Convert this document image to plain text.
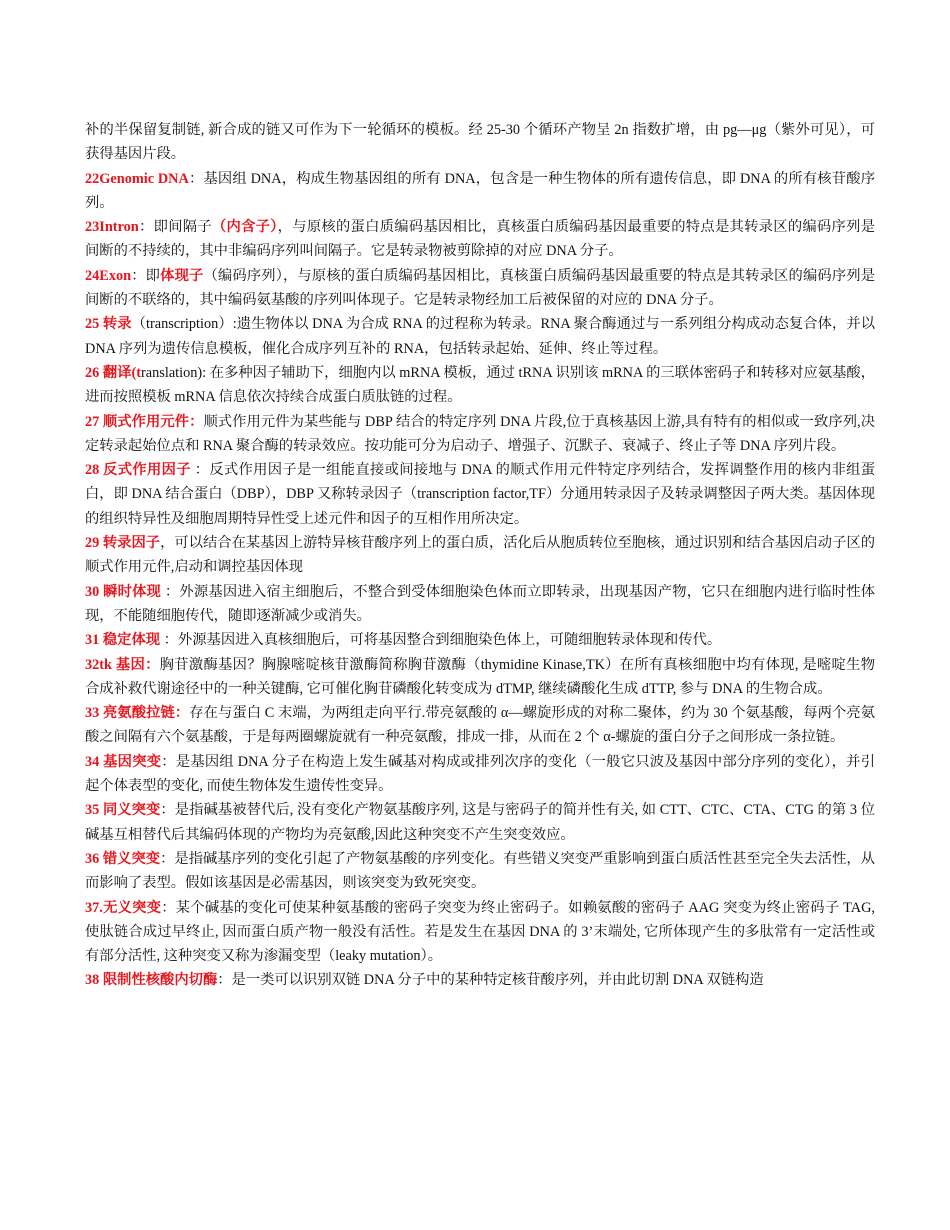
补的半保留复制链, 新合成的链又可作为下一轮循环的模板。经 25-30 个循环产物呈 2n 指数扩增，由 pg—μg（紫外可见），可获得基因片段。

22Genomic DNA：基因组 DNA，构成生物基因组的所有 DNA，包含是一种生物体的所有遗传信息，即 DNA 的所有核苷酸序列。

23Intron：即间隔子（内含子），与原核的蛋白质编码基因相比，真核蛋白质编码基因最重要的特点是其转录区的编码序列是间断的不持续的，其中非编码序列叫间隔子。它是转录物被剪除掉的对应 DNA 分子。

24Exon：即体现子（编码序列），与原核的蛋白质编码基因相比，真核蛋白质编码基因最重要的特点是其转录区的编码序列是间断的不联络的，其中编码氨基酸的序列叫体现子。它是转录物经加工后被保留的对应的 DNA 分子。

25 转录（transcription）:遗生物体以 DNA 为合成 RNA 的过程称为转录。RNA 聚合酶通过与一系列组分构成动态复合体，并以 DNA 序列为遗传信息模板，催化合成序列互补的 RNA，包括转录起始、延伸、终止等过程。

26 翻译(translation): 在多种因子辅助下，细胞内以 mRNA 模板，通过 tRNA 识别该 mRNA 的三联体密码子和转移对应氨基酸，进而按照模板 mRNA 信息依次持续合成蛋白质肽链的过程。

27 顺式作用元件：顺式作用元件为某些能与 DBP 结合的特定序列 DNA 片段,位于真核基因上游,具有特有的相似或一致序列,决定转录起始位点和 RNA 聚合酶的转录效应。按功能可分为启动子、增强子、沉默子、衰减子、终止子等 DNA 序列片段。

28 反式作用因子 ：反式作用因子是一组能直接或间接地与 DNA 的顺式作用元件特定序列结合，发挥调整作用的核内非组蛋白，即 DNA 结合蛋白（DBP），DBP 又称转录因子（transcription factor,TF）分通用转录因子及转录调整因子两大类。基因体现的组织特异性及细胞周期特异性受上述元件和因子的互相作用所决定。

29 转录因子，可以结合在某基因上游特异核苷酸序列上的蛋白质，活化后从胞质转位至胞核，通过识别和结合基因启动子区的顺式作用元件,启动和调控基因体现

30 瞬时体现 ：外源基因进入宿主细胞后，不整合到受体细胞染色体而立即转录，出现基因产物，它只在细胞内进行临时性体现，不能随细胞传代，随即逐渐减少或消失。

31 稳定体现 ：外源基因进入真核细胞后，可将基因整合到细胞染色体上，可随细胞转录体现和传代。

32tk 基因：胸苷激酶基因？胸腺嘧啶核苷激酶简称胸苷激酶（thymidine Kinase,TK）在所有真核细胞中均有体现, 是嘧啶生物合成补救代谢途径中的一种关键酶, 它可催化胸苷磷酸化转变成为 dTMP, 继续磷酸化生成 dTTP, 参与 DNA 的生物合成。

33 亮氨酸拉链：存在与蛋白 C 末端，为两组走向平行.带亮氨酸的 α—螺旋形成的对称二聚体，约为 30 个氨基酸，每两个亮氨酸之间隔有六个氨基酸，于是每两圈螺旋就有一种亮氨酸，排成一排，从而在 2 个 α-螺旋的蛋白分子之间形成一条拉链。

34 基因突变：是基因组 DNA 分子在构造上发生碱基对构成或排列次序的变化（一般它只波及基因中部分序列的变化），并引起个体表型的变化, 而使生物体发生遗传性变异。

35 同义突变：是指碱基被替代后, 没有变化产物氨基酸序列, 这是与密码子的简并性有关, 如 CTT、CTC、CTA、CTG 的第 3 位碱基互相替代后其编码体现的产物均为亮氨酸,因此这种突变不产生突变效应。

36 错义突变：是指碱基序列的变化引起了产物氨基酸的序列变化。有些错义突变严重影响到蛋白质活性甚至完全失去活性，从而影响了表型。假如该基因是必需基因，则该突变为致死突变。

37.无义突变：某个碱基的变化可使某种氨基酸的密码子突变为终止密码子。如赖氨酸的密码子 AAG 突变为终止密码子 TAG,使肽链合成过早终止, 因而蛋白质产物一般没有活性。若是发生在基因 DNA 的 3’末端处, 它所体现产生的多肽常有一定活性或有部分活性, 这种突变又称为渗漏变型（leaky mutation）。

38 限制性核酸内切酶：是一类可以识别双链 DNA 分子中的某种特定核苷酸序列，并由此切割 DNA 双链构造
